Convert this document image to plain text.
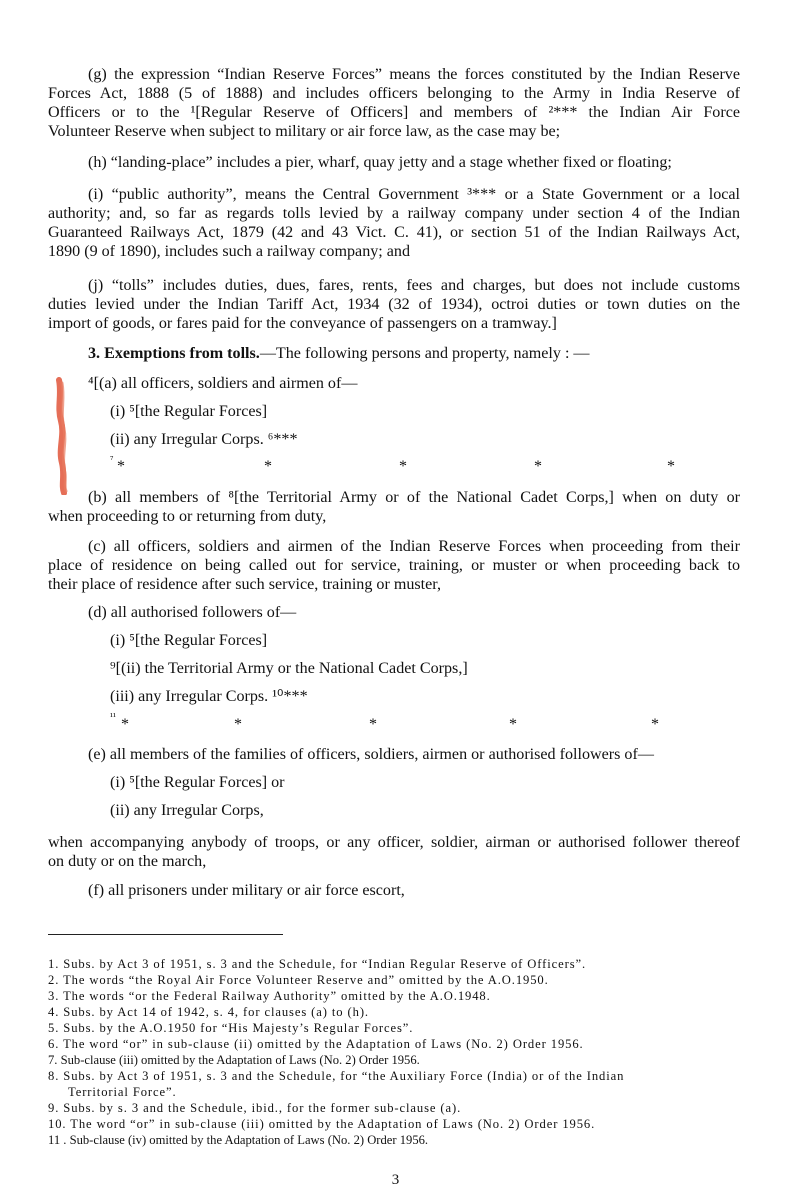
(g) the expression “Indian Reserve Forces” means the forces constituted by the Indian Reserve

Forces Act, 1888 (5 of 1888) and includes officers belonging to the Army in India Reserve of

Officers or to the ¹[Regular Reserve of Officers] and members of ²*** the Indian Air Force

Volunteer Reserve when subject to military or air force law, as the case may be;

(h) “landing-place” includes a pier, wharf, quay jetty and a stage whether fixed or floating;

(i) “public authority”, means the Central Government ³*** or a State Government or a local

authority; and, so far as regards tolls levied by a railway company under section 4 of the Indian

Guaranteed Railways Act, 1879 (42 and 43 Vict. C. 41), or section 51 of the Indian Railways Act,

1890 (9 of 1890), includes such a railway company; and

(j) “tolls” includes duties, dues, fares, rents, fees and charges, but does not include customs

duties levied under the Indian Tariff Act, 1934 (32 of 1934), octroi duties or town duties on the

import of goods, or fares paid for the conveyance of passengers on a tramway.]

3. Exemptions from tolls.—The following persons and property, namely : —

⁴[(a) all officers, soldiers and airmen of—

(i) ⁵[the Regular Forces]

(ii) any Irregular Corps. ⁶***

$^{^7}$ *	*	*	*	*

(b) all members of ⁸[the Territorial Army or of the National Cadet Corps,] when on duty or

when proceeding to or returning from duty,

(c) all officers, soldiers and airmen of the Indian Reserve Forces when proceeding from their

place of residence on being called out for service, training, or muster or when proceeding back to

their place of residence after such service, training or muster,

(d) all authorised followers of—

(i) ⁵[the Regular Forces]

⁹[(ii) the Territorial Army or the National Cadet Corps,]

(iii) any Irregular Corps. ¹⁰***

$^{^{11}}$ *	*	*	*	*

(e) all members of the families of officers, soldiers, airmen or authorised followers of—

(i) ⁵[the Regular Forces] or

(ii) any Irregular Corps,

when accompanying anybody of troops, or any officer, soldier, airman or authorised follower thereof

on duty or on the march,

(f) all prisoners under military or air force escort,

1. Subs. by Act 3 of 1951, s. 3 and the Schedule, for “Indian Regular Reserve of Officers”.

2. The words “the Royal Air Force Volunteer Reserve and” omitted by the A.O.1950.

3. The words “or the Federal Railway Authority” omitted by the A.O.1948.

4. Subs. by Act 14 of 1942, s. 4, for clauses (a) to (h).

5. Subs. by the A.O.1950 for “His Majesty’s Regular Forces”.

6. The word “or” in sub-clause (ii) omitted by the Adaptation of Laws (No. 2) Order 1956.

7. Sub-clause (iii) omitted by the Adaptation of Laws (No. 2) Order 1956.

8. Subs. by Act 3 of 1951, s. 3 and the Schedule, for “the Auxiliary Force (India) or of the Indian

Territorial Force”.

9. Subs. by s. 3 and the Schedule, ibid., for the former sub-clause (a).

10. The word “or” in sub-clause (iii) omitted by the Adaptation of Laws (No. 2) Order 1956.

11 . Sub-clause (iv) omitted by the Adaptation of Laws (No. 2) Order 1956.

3
